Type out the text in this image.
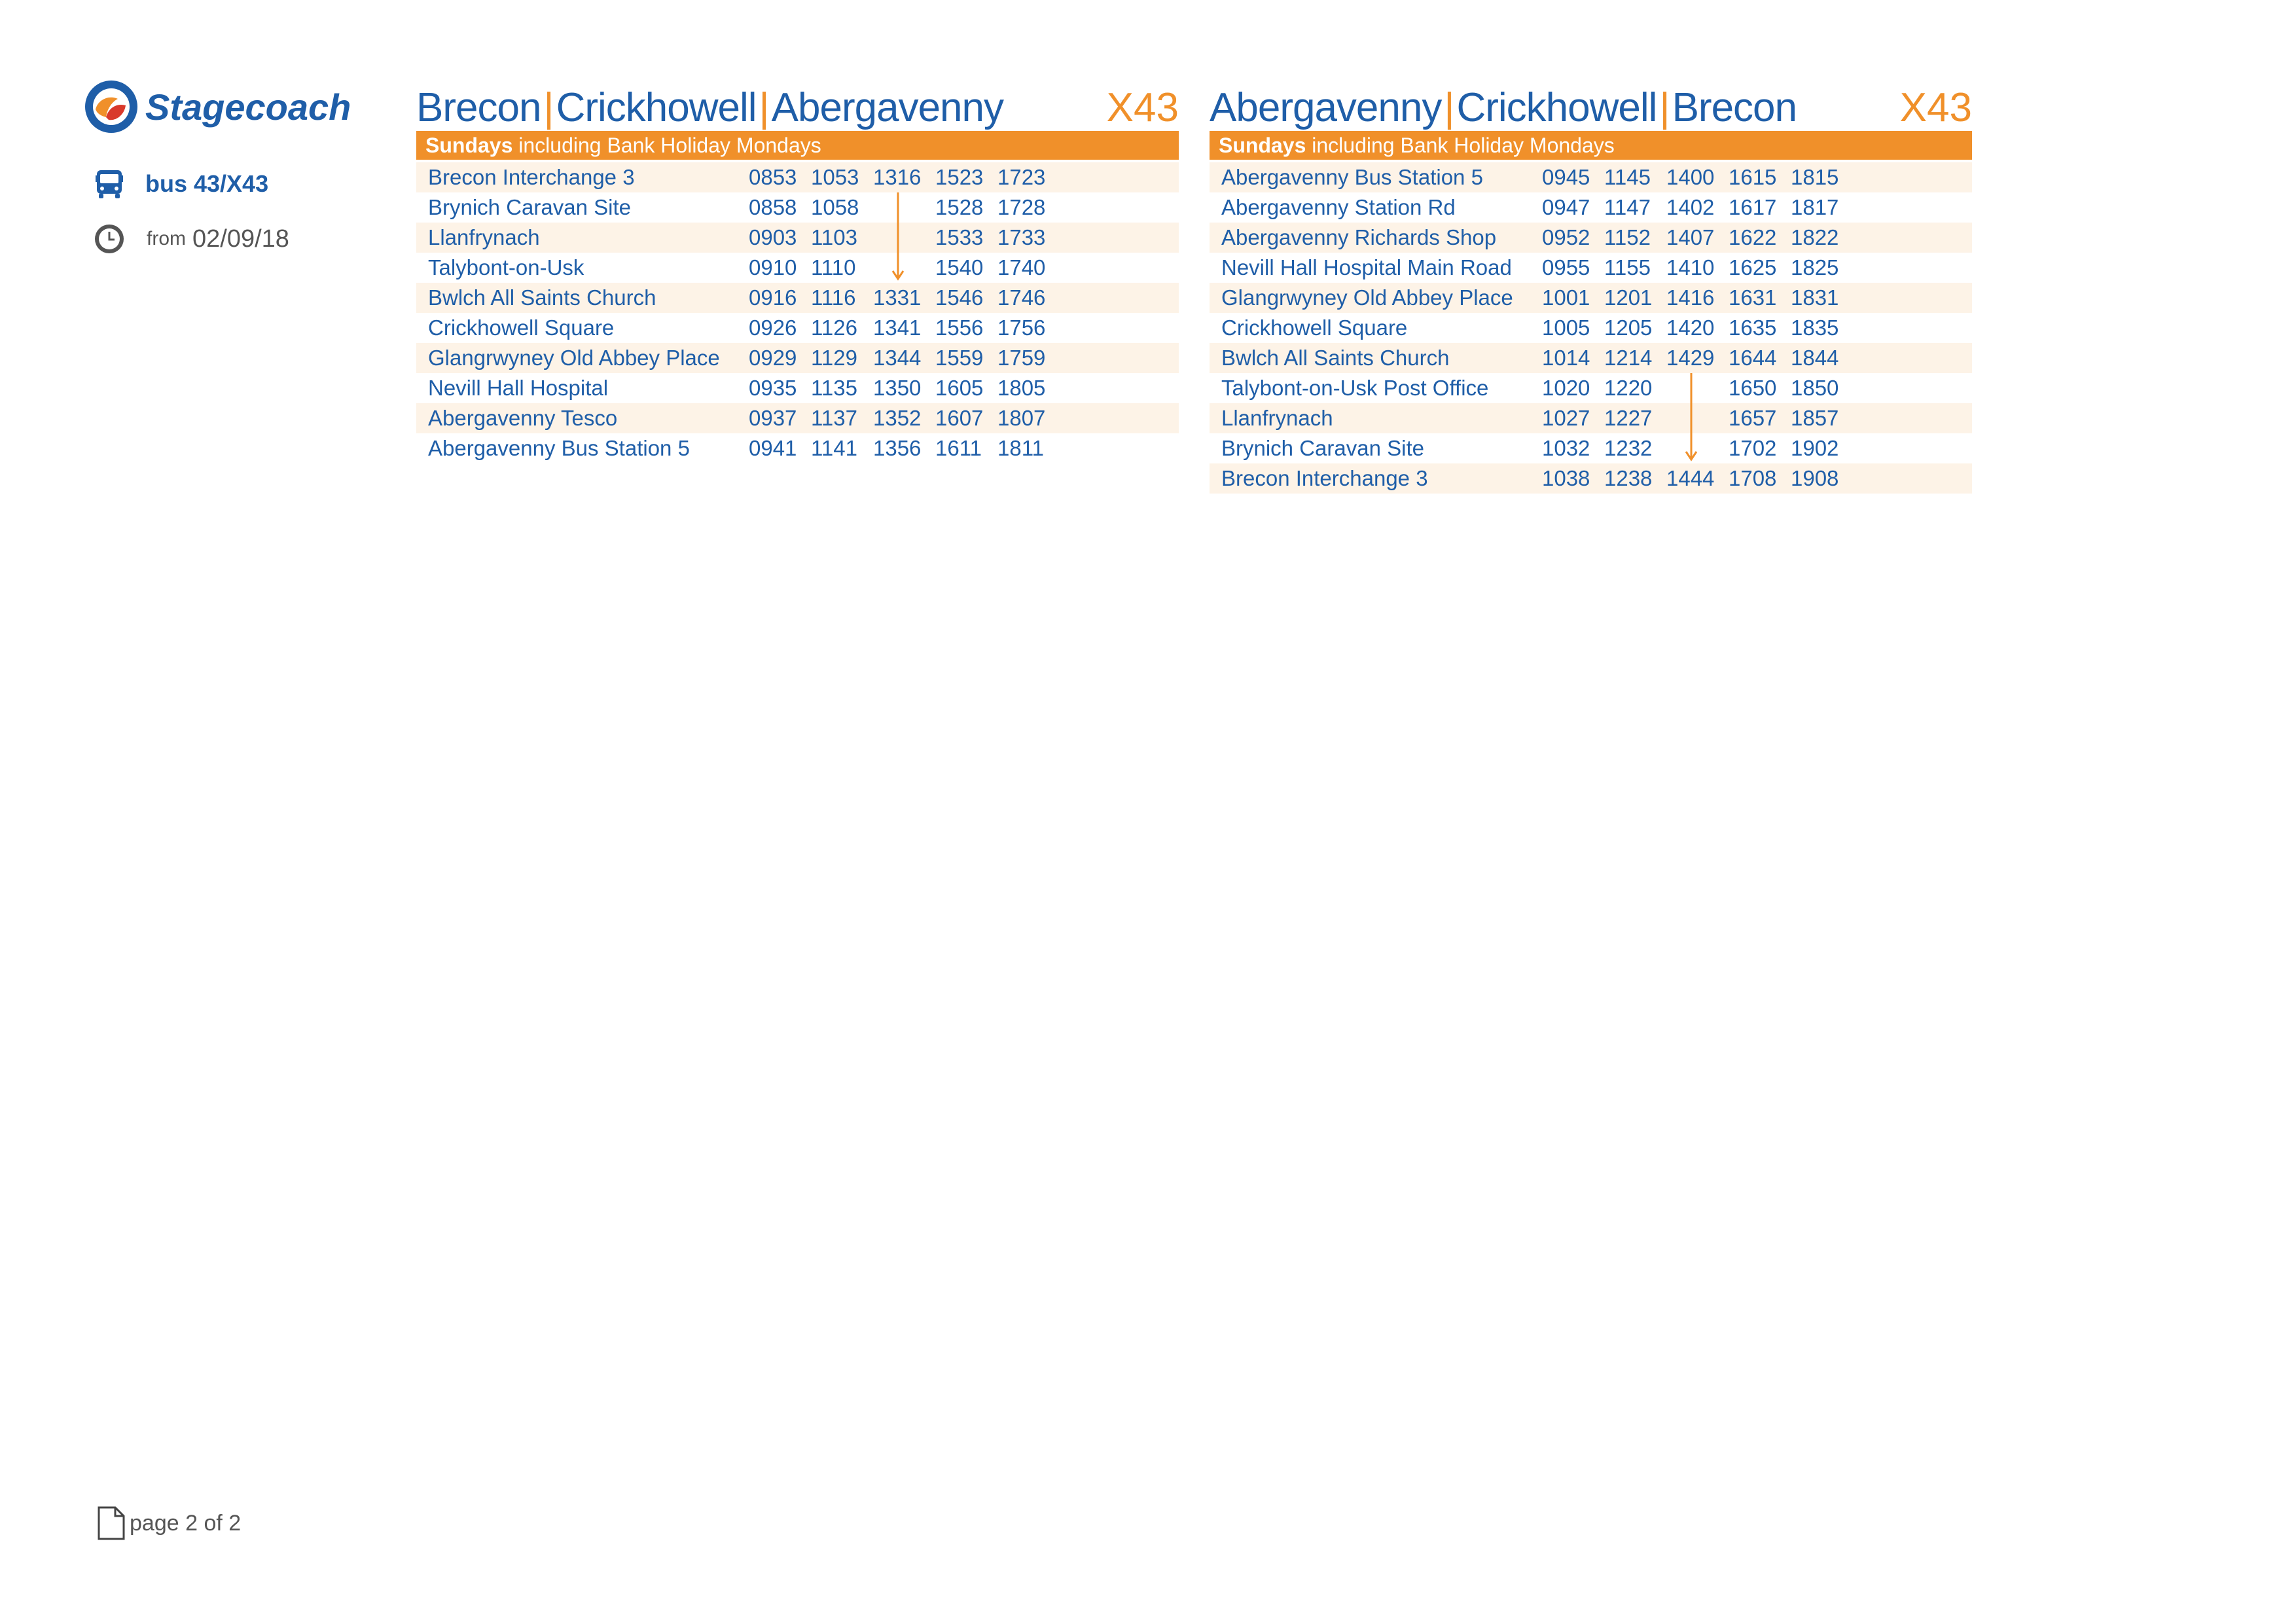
Stagecoach
bus 43/X43
from 02/09/18
Brecon|Crickhowell|Abergavenny	X43
Sundays including Bank Holiday Mondays
Brecon Interchange 3	0853 1053 1316 1523 1723
Brynich Caravan Site	0858 1058	1528 1728
Llanfrynach	0903 1103	1533 1733
Talybont-on-Usk	0910 1110	1540 1740
Bwlch All Saints Church	0916 1116 1331 1546 1746
Crickhowell Square	0926 1126 1341 1556 1756
Glangrwyney Old Abbey Place	0929 1129 1344 1559 1759
Nevill Hall Hospital	0935 1135 1350 1605 1805
Abergavenny Tesco	0937 1137 1352 1607 1807
Abergavenny Bus Station 5	0941 1141 1356 1611 1811
Abergavenny|Crickhowell|Brecon	X43
Sundays including Bank Holiday Mondays
Abergavenny Bus Station 5	0945 1145 1400 1615 1815
Abergavenny Station Rd	0947 1147 1402 1617 1817
Abergavenny Richards Shop	0952 1152 1407 1622 1822
Nevill Hall Hospital Main Road	0955 1155 1410 1625 1825
Glangrwyney Old Abbey Place	1001 1201 1416 1631 1831
Crickhowell Square	1005 1205 1420 1635 1835
Bwlch All Saints Church	1014 1214 1429 1644 1844
Talybont-on-Usk Post Office	1020 1220	1650 1850
Llanfrynach	1027 1227	1657 1857
Brynich Caravan Site	1032 1232	1702 1902
Brecon Interchange 3	1038 1238 1444 1708 1908
page 2 of 2
